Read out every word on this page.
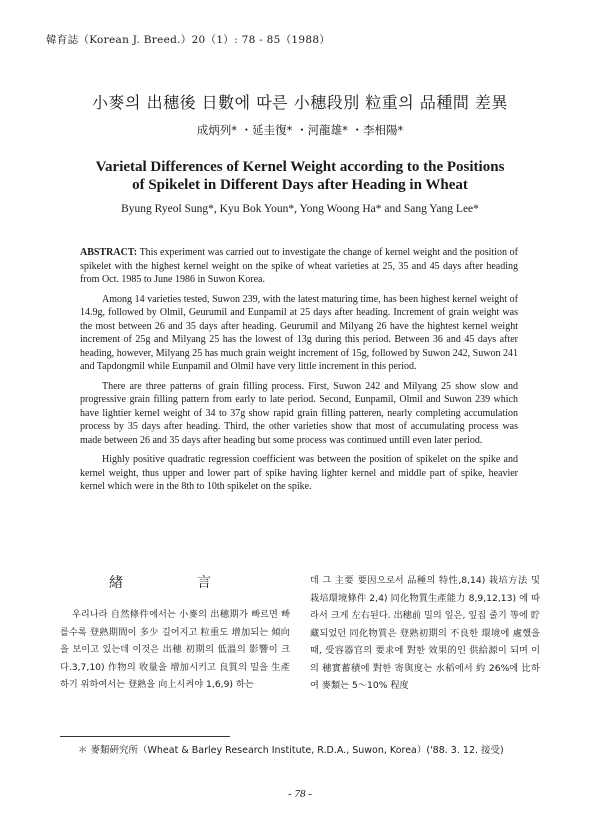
韓育誌（Korean J. Breed.）20（1）: 78 - 85（1988）
小麥의 出穗後 日數에 따른 小穗段別 粒重의 品種間 差異
成炳列* ・延圭復* ・河龍雄* ・李相陽*
Varietal Differences of Kernel Weight according to the Positions
of Spikelet in Different Days after Heading in Wheat
Byung Ryeol Sung*, Kyu Bok Youn*, Yong Woong Ha* and Sang Yang Lee*

ABSTRACT: This experiment was carried out to investigate the change of kernel weight and the position of spikelet with the highest kernel weight on the spike of wheat varieties at 25, 35 and 45 days after heading from Oct. 1985 to June 1986 in Suwon Korea.

Among 14 varieties tested, Suwon 239, with the latest maturing time, has been highest kernel weight of 14.9g, followed by Olmil, Geurumil and Eunpamil at 25 days after heading. Increment of grain weight was the most between 26 and 35 days after heading. Geurumil and Milyang 26 have the hightest kernel weight increment of 25g and Milyang 25 has the lowest of 13g during this period. Between 36 and 45 days after heading, however, Milyang 25 has much grain weight increment of 15g, followed by Suwon 242, Suwon 241 and Tapdongmil while Eunpamil and Olmil have very little increment in this period.

There are three patterns of grain filling process. First, Suwon 242 and Milyang 25 show slow and progressive grain filling pattern from early to late period. Second, Eunpamil, Olmil and Suwon 239 which have lightier kernel weight of 34 to 37g show rapid grain filling patteren, nearly completing accumulation process by 35 days after heading. Third, the other varieties show that most of accumulating process was made between 26 and 35 days after heading but some process was continued untill even later period.

Highly positive quadratic regression coefficient was between the position of spikelet on the spike and kernel weight, thus upper and lower part of spike having lighter kernel and middle part of spike, heavier kernel which were in the 8th to 10th spikelet on the spike.

緖　言

우리나라 自然條件에서는 小麥의 出穗期가 빠르면 빠를수록 登熟期間이 多少 길어지고 粒重도 增加되는 傾向을 보이고 있는데 이것은 出穗 初期의 低溫의 影響이 크다.3,7,10) 作物의 收量을 增加시키고 良質의 밀을 生產하기 위하여서는 登熟을 向上시켜야 1,6,9) 하는

데 그 主要 要因으로서 品種의 特性,8,14) 栽培方法 및 栽培環境條件 2,4) 同化物質生產能力 8,9,12,13) 에 따라서 크게 左右된다. 出穗前 밀의 잎은, 잎집 줄기 等에 貯藏되었던 同化物質은 登熟初期의 不良한 環境에 處했을 때, 受容器官의 要求에 對한 效果的인 供給源이 되며 이의 穗實蓄積에 對한 寄與度는 水稻에서 約 26%에 比하여 麥類는 5～10% 程度

＊ 麥類硏究所（Wheat & Barley Research Institute, R.D.A., Suwon, Korea）('88. 3. 12. 接受)
- 78 -
